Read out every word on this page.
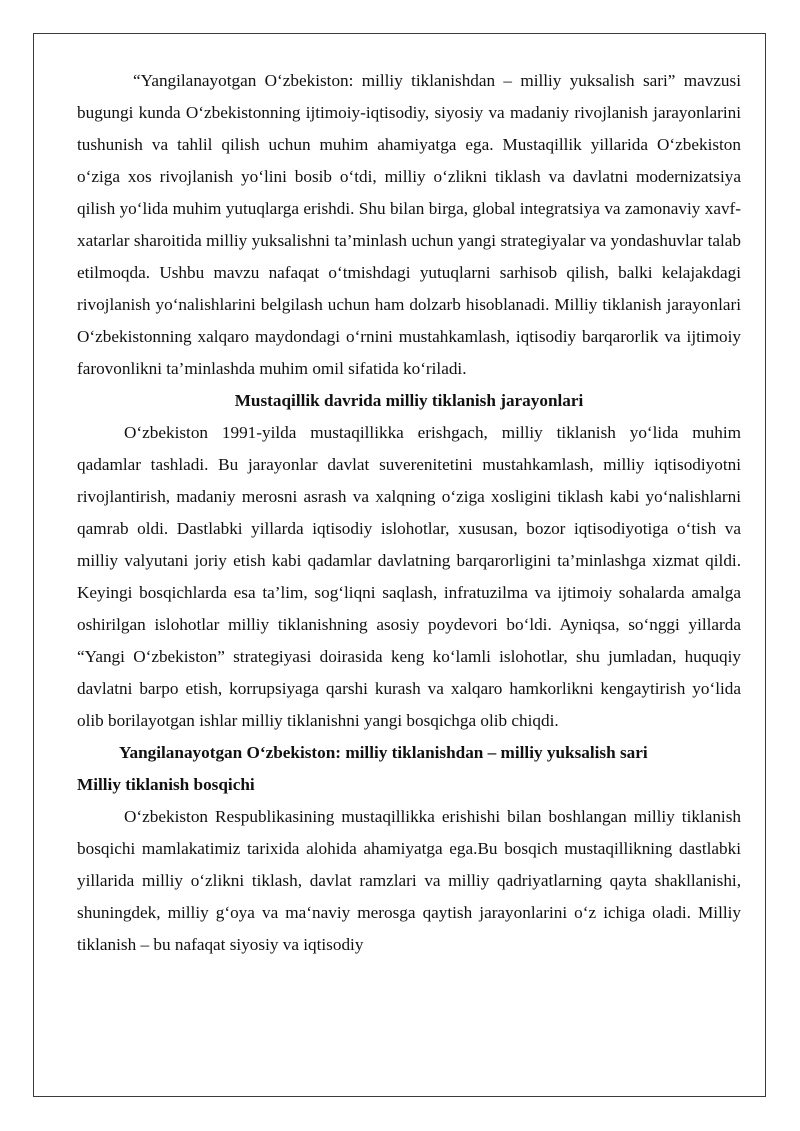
“Yangilanayotgan O‘zbekiston: milliy tiklanishdan – milliy yuksalish sari” mavzusi bugungi kunda O‘zbekistonning ijtimoiy-iqtisodiy, siyosiy va madaniy rivojlanish jarayonlarini tushunish va tahlil qilish uchun muhim ahamiyatga ega. Mustaqillik yillarida O‘zbekiston o‘ziga xos rivojlanish yo‘lini bosib o‘tdi, milliy o‘zlikni tiklash va davlatni modernizatsiya qilish yo‘lida muhim yutuqlarga erishdi. Shu bilan birga, global integratsiya va zamonaviy xavf-xatarlar sharoitida milliy yuksalishni ta’minlash uchun yangi strategiyalar va yondashuvlar talab etilmoqda. Ushbu mavzu nafaqat o‘tmishdagi yutuqlarni sarhisob qilish, balki kelajakdagi rivojlanish yo‘nalishlarini belgilash uchun ham dolzarb hisoblanadi. Milliy tiklanish jarayonlari O‘zbekistonning xalqaro maydondagi o‘rnini mustahkamlash, iqtisodiy barqarorlik va ijtimoiy farovonlikni ta’minlashda muhim omil sifatida ko‘riladi.

Mustaqillik davrida milliy tiklanish jarayonlari

O‘zbekiston 1991-yilda mustaqillikka erishgach, milliy tiklanish yo‘lida muhim qadamlar tashladi. Bu jarayonlar davlat suverenitetini mustahkamlash, milliy iqtisodiyotni rivojlantirish, madaniy merosni asrash va xalqning o‘ziga xosligini tiklash kabi yo‘nalishlarni qamrab oldi. Dastlabki yillarda iqtisodiy islohotlar, xususan, bozor iqtisodiyotiga o‘tish va milliy valyutani joriy etish kabi qadamlar davlatning barqarorligini ta’minlashga xizmat qildi. Keyingi bosqichlarda esa ta’lim, sog‘liqni saqlash, infratuzilma va ijtimoiy sohalarda amalga oshirilgan islohotlar milliy tiklanishning asosiy poydevori bo‘ldi. Ayniqsa, so‘nggi yillarda “Yangi O‘zbekiston” strategiyasi doirasida keng ko‘lamli islohotlar, shu jumladan, huquqiy davlatni barpo etish, korrupsiyaga qarshi kurash va xalqaro hamkorlikni kengaytirish yo‘lida olib borilayotgan ishlar milliy tiklanishni yangi bosqichga olib chiqdi.

Yangilanayotgan O‘zbekiston: milliy tiklanishdan – milliy yuksalish sari
Milliy tiklanish bosqichi

O‘zbekiston Respublikasining mustaqillikka erishishi bilan boshlangan milliy tiklanish bosqichi mamlakatimiz tarixida alohida ahamiyatga ega.Bu bosqich mustaqillikning dastlabki yillarida milliy o‘zlikni tiklash, davlat ramzlari va milliy qadriyatlarning qayta shakllanishi, shuningdek, milliy g‘oya va ma‘naviy merosga qaytish jarayonlarini o‘z ichiga oladi. Milliy tiklanish – bu nafaqat siyosiy va iqtisodiy
